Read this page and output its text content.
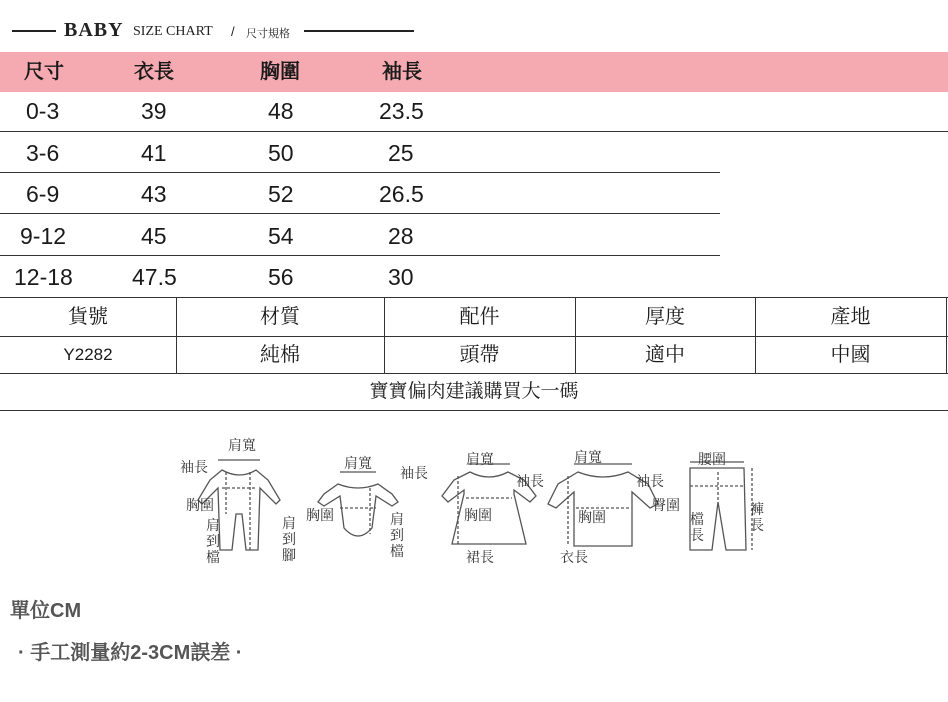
BABY SIZE CHART / 尺寸規格
尺寸	衣長	胸圍	袖長
0-3	39	48	23.5
3-6	41	50	25
6-9	43	52	26.5
9-12	45	54	28
12-18	47.5	56	30
貨號	材質	配件	厚度	產地
Y2282	純棉	頭帶	適中	中國
寶寶偏肉建議購買大一碼
肩寬
袖長
胸圍
肩到檔
肩到腳
肩寬
袖長
胸圍	肩到檔
肩寬
袖長
胸圍
裙長
肩寬
袖長
胸圍
衣長
腰圍
臀圍
檔長
褲長
單位CM
· 手工測量約2-3CM誤差 ·
